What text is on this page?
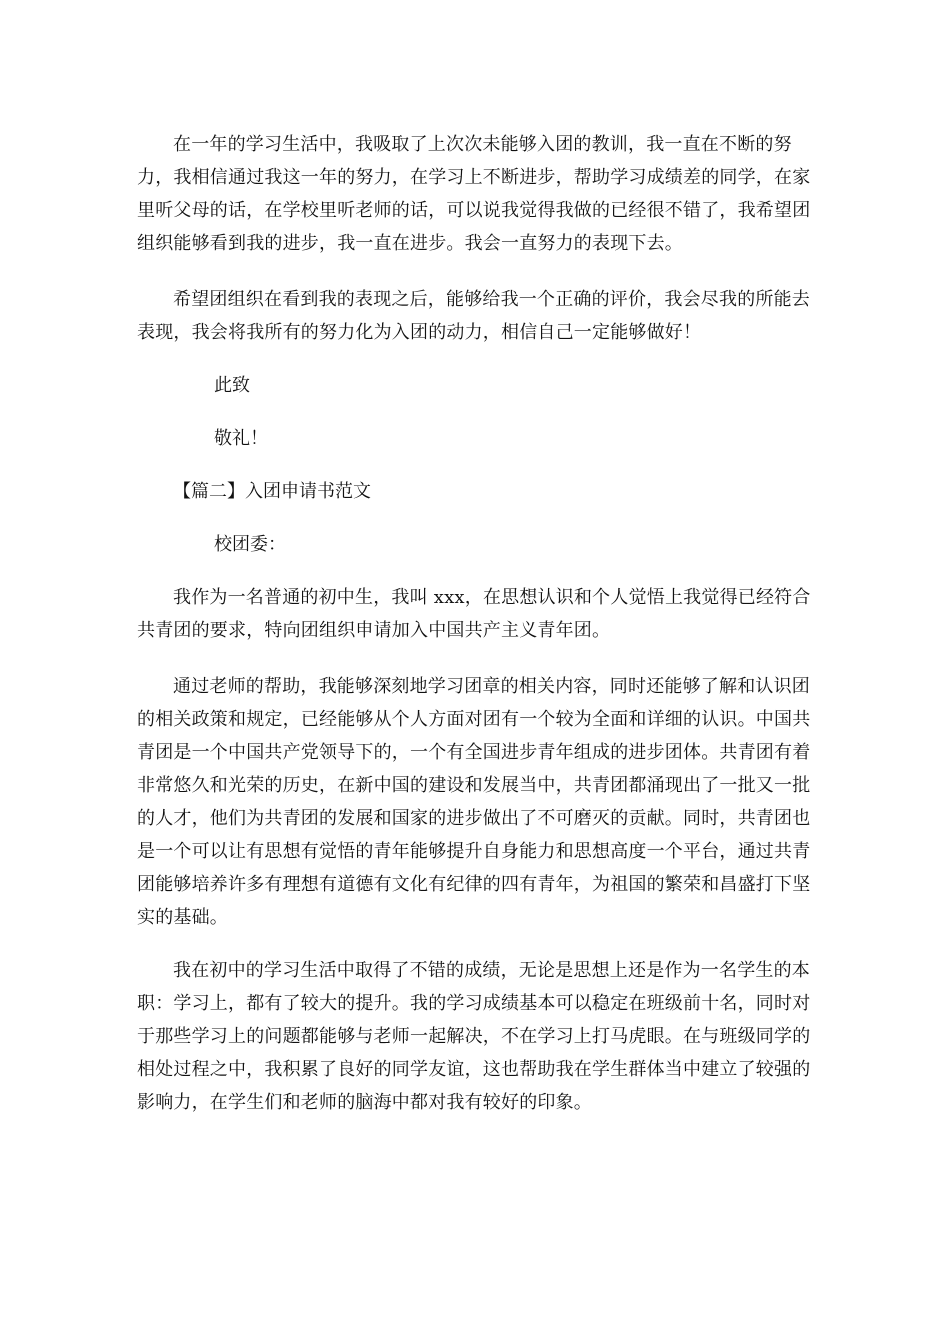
在一年的学习生活中，我吸取了上次次未能够入团的教训，我一直在不断的努力，我相信通过我这一年的努力，在学习上不断进步，帮助学习成绩差的同学，在家里听父母的话，在学校里听老师的话，可以说我觉得我做的已经很不错了，我希望团组织能够看到我的进步，我一直在进步。我会一直努力的表现下去。

希望团组织在看到我的表现之后，能够给我一个正确的评价，我会尽我的所能去表现，我会将我所有的努力化为入团的动力，相信自己一定能够做好！

此致

敬礼！

【篇二】入团申请书范文

校团委：

我作为一名普通的初中生，我叫 xxx，在思想认识和个人觉悟上我觉得已经符合共青团的要求，特向团组织申请加入中国共产主义青年团。

通过老师的帮助，我能够深刻地学习团章的相关内容，同时还能够了解和认识团的相关政策和规定，已经能够从个人方面对团有一个较为全面和详细的认识。中国共青团是一个中国共产党领导下的，一个有全国进步青年组成的进步团体。共青团有着非常悠久和光荣的历史，在新中国的建设和发展当中，共青团都涌现出了一批又一批的人才，他们为共青团的发展和国家的进步做出了不可磨灭的贡献。同时，共青团也是一个可以让有思想有觉悟的青年能够提升自身能力和思想高度一个平台，通过共青团能够培养许多有理想有道德有文化有纪律的四有青年，为祖国的繁荣和昌盛打下坚实的基础。

我在初中的学习生活中取得了不错的成绩，无论是思想上还是作为一名学生的本职：学习上，都有了较大的提升。我的学习成绩基本可以稳定在班级前十名，同时对于那些学习上的问题都能够与老师一起解决，不在学习上打马虎眼。在与班级同学的相处过程之中，我积累了良好的同学友谊，这也帮助我在学生群体当中建立了较强的影响力，在学生们和老师的脑海中都对我有较好的印象。
